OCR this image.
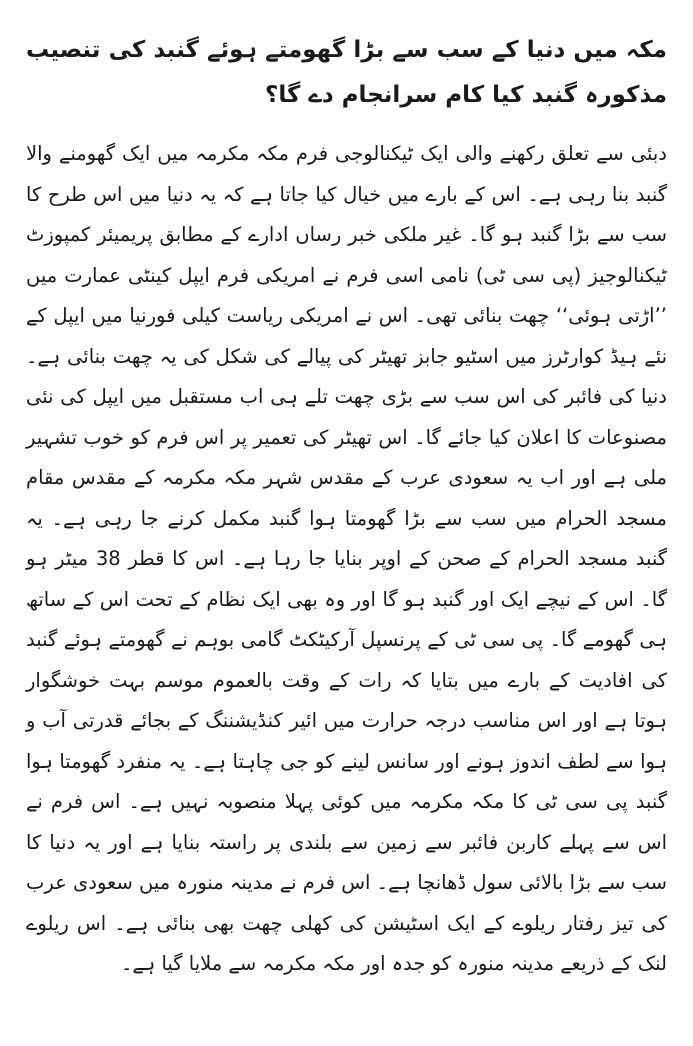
مکہ میں دنیا کے سب سے بڑا گھومتے ہوئے گنبد کی تنصیب مذکورہ گنبد کیا کام سرانجام دے گا؟

دبئی سے تعلق رکھنے والی ایک ٹیکنالوجی فرم مکہ مکرمہ میں ایک گھومنے والا گنبد بنا رہی ہے۔ اس کے بارے میں خیال کیا جاتا ہے کہ یہ دنیا میں اس طرح کا سب سے بڑا گنبد ہو گا۔ غیر ملکی خبر رساں ادارے کے مطابق پریمیئر کمپوزٹ ٹیکنالوجیز (پی سی ٹی) نامی اسی فرم نے امریکی فرم ایپل کینٹی عمارت میں ’’اڑتی ہوئی‘‘ چھت بنائی تھی۔ اس نے امریکی ریاست کیلی فورنیا میں ایپل کے نئے ہیڈ کوارٹرز میں اسٹیو جابز تھیٹر کی پیالے کی شکل کی یہ چھت بنائی ہے۔ دنیا کی فائبر کی اس سب سے بڑی چھت تلے ہی اب مستقبل میں ایپل کی نئی مصنوعات کا اعلان کیا جائے گا۔ اس تھیٹر کی تعمیر پر اس فرم کو خوب تشہیر ملی ہے اور اب یہ سعودی عرب کے مقدس شہر مکہ مکرمہ کے مقدس مقام مسجد الحرام میں سب سے بڑا گھومتا ہوا گنبد مکمل کرنے جا رہی ہے۔ یہ گنبد مسجد الحرام کے صحن کے اوپر بنایا جا رہا ہے۔ اس کا قطر 38 میٹر ہو گا۔ اس کے نیچے ایک اور گنبد ہو گا اور وہ بھی ایک نظام کے تحت اس کے ساتھ ہی گھومے گا۔ پی سی ٹی کے پرنسپل آرکیٹکٹ گامی بوہم نے گھومتے ہوئے گنبد کی افادیت کے بارے میں بتایا کہ رات کے وقت بالعموم موسم بہت خوشگوار ہوتا ہے اور اس مناسب درجہ حرارت میں ائیر کنڈیشننگ کے بجائے قدرتی آب و ہوا سے لطف اندوز ہونے اور سانس لینے کو جی چاہتا ہے۔ یہ منفرد گھومتا ہوا گنبد پی سی ٹی کا مکہ مکرمہ میں کوئی پہلا منصوبہ نہیں ہے۔ اس فرم نے اس سے پہلے کاربن فائبر سے زمین سے بلندی پر راستہ بنایا ہے اور یہ دنیا کا سب سے بڑا بالائی سول ڈھانچا ہے۔ اس فرم نے مدینہ منورہ میں سعودی عرب کی تیز رفتار ریلوے کے ایک اسٹیشن کی کھلی چھت بھی بنائی ہے۔ اس ریلوے لنک کے ذریعے مدینہ منورہ کو جدہ اور مکہ مکرمہ سے ملایا گیا ہے۔
